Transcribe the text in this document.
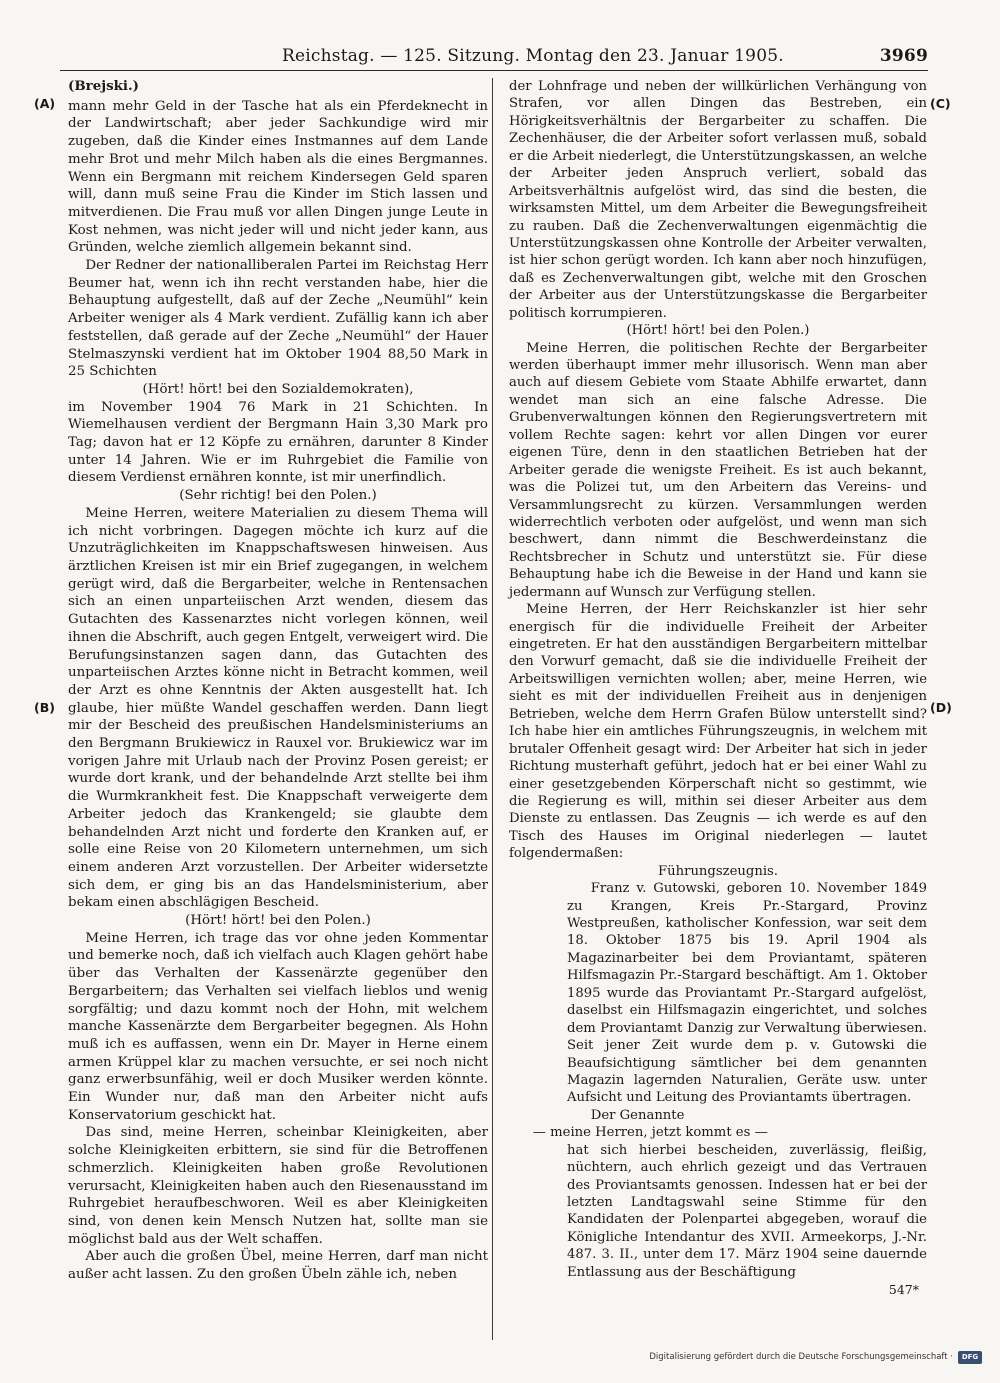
Reichstag. — 125. Sitzung. Montag den 23. Januar 1905.	3969
(A)
(B)
(C)
(D)
(Brejski.)

mann mehr Geld in der Tasche hat als ein Pferdeknecht in der Landwirtschaft; aber jeder Sachkundige wird mir zugeben, daß die Kinder eines Instmannes auf dem Lande mehr Brot und mehr Milch haben als die eines Bergmannes. Wenn ein Bergmann mit reichem Kindersegen Geld sparen will, dann muß seine Frau die Kinder im Stich lassen und mitverdienen. Die Frau muß vor allen Dingen junge Leute in Kost nehmen, was nicht jeder will und nicht jeder kann, aus Gründen, welche ziemlich allgemein bekannt sind.

Der Redner der nationalliberalen Partei im Reichstag Herr Beumer hat, wenn ich ihn recht verstanden habe, hier die Behauptung aufgestellt, daß auf der Zeche „Neumühl“ kein Arbeiter weniger als 4 Mark verdient. Zufällig kann ich aber feststellen, daß gerade auf der Zeche „Neumühl“ der Hauer Stelmaszynski verdient hat im Oktober 1904 88,50 Mark in 25 Schichten

(Hört! hört! bei den Sozialdemokraten),

im November 1904 76 Mark in 21 Schichten. In Wiemelhausen verdient der Bergmann Hain 3,30 Mark pro Tag; davon hat er 12 Köpfe zu ernähren, darunter 8 Kinder unter 14 Jahren. Wie er im Ruhrgebiet die Familie von diesem Verdienst ernähren konnte, ist mir unerfindlich.

(Sehr richtig! bei den Polen.)

Meine Herren, weitere Materialien zu diesem Thema will ich nicht vorbringen. Dagegen möchte ich kurz auf die Unzuträglichkeiten im Knappschaftswesen hinweisen. Aus ärztlichen Kreisen ist mir ein Brief zugegangen, in welchem gerügt wird, daß die Bergarbeiter, welche in Rentensachen sich an einen unparteiischen Arzt wenden, diesem das Gutachten des Kassenarztes nicht vorlegen können, weil ihnen die Abschrift, auch gegen Entgelt, verweigert wird. Die Berufungsinstanzen sagen dann, das Gutachten des unparteiischen Arztes könne nicht in Betracht kommen, weil der Arzt es ohne Kenntnis der Akten ausgestellt hat. Ich glaube, hier müßte Wandel geschaffen werden. Dann liegt mir der Bescheid des preußischen Handelsministeriums an den Bergmann Brukiewicz in Rauxel vor. Brukiewicz war im vorigen Jahre mit Urlaub nach der Provinz Posen gereist; er wurde dort krank, und der behandelnde Arzt stellte bei ihm die Wurmkrankheit fest. Die Knappschaft verweigerte dem Arbeiter jedoch das Krankengeld; sie glaubte dem behandelnden Arzt nicht und forderte den Kranken auf, er solle eine Reise von 20 Kilometern unternehmen, um sich einem anderen Arzt vorzustellen. Der Arbeiter widersetzte sich dem, er ging bis an das Handelsministerium, aber bekam einen abschlägigen Bescheid.

(Hört! hört! bei den Polen.)

Meine Herren, ich trage das vor ohne jeden Kommentar und bemerke noch, daß ich vielfach auch Klagen gehört habe über das Verhalten der Kassenärzte gegenüber den Bergarbeitern; das Verhalten sei vielfach lieblos und wenig sorgfältig; und dazu kommt noch der Hohn, mit welchem manche Kassenärzte dem Bergarbeiter begegnen. Als Hohn muß ich es auffassen, wenn ein Dr. Mayer in Herne einem armen Krüppel klar zu machen versuchte, er sei noch nicht ganz erwerbsunfähig, weil er doch Musiker werden könnte. Ein Wunder nur, daß man den Arbeiter nicht aufs Konservatorium geschickt hat.

Das sind, meine Herren, scheinbar Kleinigkeiten, aber solche Kleinigkeiten erbittern, sie sind für die Betroffenen schmerzlich. Kleinigkeiten haben große Revolutionen verursacht, Kleinigkeiten haben auch den Riesenausstand im Ruhrgebiet heraufbeschworen. Weil es aber Kleinigkeiten sind, von denen kein Mensch Nutzen hat, sollte man sie möglichst bald aus der Welt schaffen.

Aber auch die großen Übel, meine Herren, darf man nicht außer acht lassen. Zu den großen Übeln zähle ich, neben

der Lohnfrage und neben der willkürlichen Verhängung von Strafen, vor allen Dingen das Bestreben, ein Hörigkeitsverhältnis der Bergarbeiter zu schaffen. Die Zechenhäuser, die der Arbeiter sofort verlassen muß, sobald er die Arbeit niederlegt, die Unterstützungskassen, an welche der Arbeiter jeden Anspruch verliert, sobald das Arbeitsverhältnis aufgelöst wird, das sind die besten, die wirksamsten Mittel, um dem Arbeiter die Bewegungsfreiheit zu rauben. Daß die Zechenverwaltungen eigenmächtig die Unterstützungskassen ohne Kontrolle der Arbeiter verwalten, ist hier schon gerügt worden. Ich kann aber noch hinzufügen, daß es Zechenverwaltungen gibt, welche mit den Groschen der Arbeiter aus der Unterstützungskasse die Bergarbeiter politisch korrumpieren.

(Hört! hört! bei den Polen.)

Meine Herren, die politischen Rechte der Bergarbeiter werden überhaupt immer mehr illusorisch. Wenn man aber auch auf diesem Gebiete vom Staate Abhilfe erwartet, dann wendet man sich an eine falsche Adresse. Die Grubenverwaltungen können den Regierungsvertretern mit vollem Rechte sagen: kehrt vor allen Dingen vor eurer eigenen Türe, denn in den staatlichen Betrieben hat der Arbeiter gerade die wenigste Freiheit. Es ist auch bekannt, was die Polizei tut, um den Arbeitern das Vereins- und Versammlungsrecht zu kürzen. Versammlungen werden widerrechtlich verboten oder aufgelöst, und wenn man sich beschwert, dann nimmt die Beschwerdeinstanz die Rechtsbrecher in Schutz und unterstützt sie. Für diese Behauptung habe ich die Beweise in der Hand und kann sie jedermann auf Wunsch zur Verfügung stellen.

Meine Herren, der Herr Reichskanzler ist hier sehr energisch für die individuelle Freiheit der Arbeiter eingetreten. Er hat den ausständigen Bergarbeitern mittelbar den Vorwurf gemacht, daß sie die individuelle Freiheit der Arbeitswilligen vernichten wollen; aber, meine Herren, wie sieht es mit der individuellen Freiheit aus in denjenigen Betrieben, welche dem Herrn Grafen Bülow unterstellt sind? Ich habe hier ein amtliches Führungszeugnis, in welchem mit brutaler Offenheit gesagt wird: Der Arbeiter hat sich in jeder Richtung musterhaft geführt, jedoch hat er bei einer Wahl zu einer gesetzgebenden Körperschaft nicht so gestimmt, wie die Regierung es will, mithin sei dieser Arbeiter aus dem Dienste zu entlassen. Das Zeugnis — ich werde es auf den Tisch des Hauses im Original niederlegen — lautet folgendermaßen:

Führungszeugnis.

Franz v. Gutowski, geboren 10. November 1849 zu Krangen, Kreis Pr.-Stargard, Provinz Westpreußen, katholischer Konfession, war seit dem 18. Oktober 1875 bis 19. April 1904 als Magazinarbeiter bei dem Proviantamt, späteren Hilfsmagazin Pr.-Stargard beschäftigt. Am 1. Oktober 1895 wurde das Proviantamt Pr.-Stargard aufgelöst, daselbst ein Hilfsmagazin eingerichtet, und solches dem Proviantamt Danzig zur Verwaltung überwiesen. Seit jener Zeit wurde dem p. v. Gutowski die Beaufsichtigung sämtlicher bei dem genannten Magazin lagernden Naturalien, Geräte usw. unter Aufsicht und Leitung des Proviantamts übertragen.

Der Genannte

— meine Herren, jetzt kommt es —

hat sich hierbei bescheiden, zuverlässig, fleißig, nüchtern, auch ehrlich gezeigt und das Vertrauen des Proviantsamts genossen. Indessen hat er bei der letzten Landtagswahl seine Stimme für den Kandidaten der Polenpartei abgegeben, worauf die Königliche Intendantur des XVII. Armeekorps, J.-Nr. 487. 3. II., unter dem 17. März 1904 seine dauernde Entlassung aus der Beschäftigung

547*
Digitalisierung gefördert durch die Deutsche Forschungsgemeinschaft ·	DFG
